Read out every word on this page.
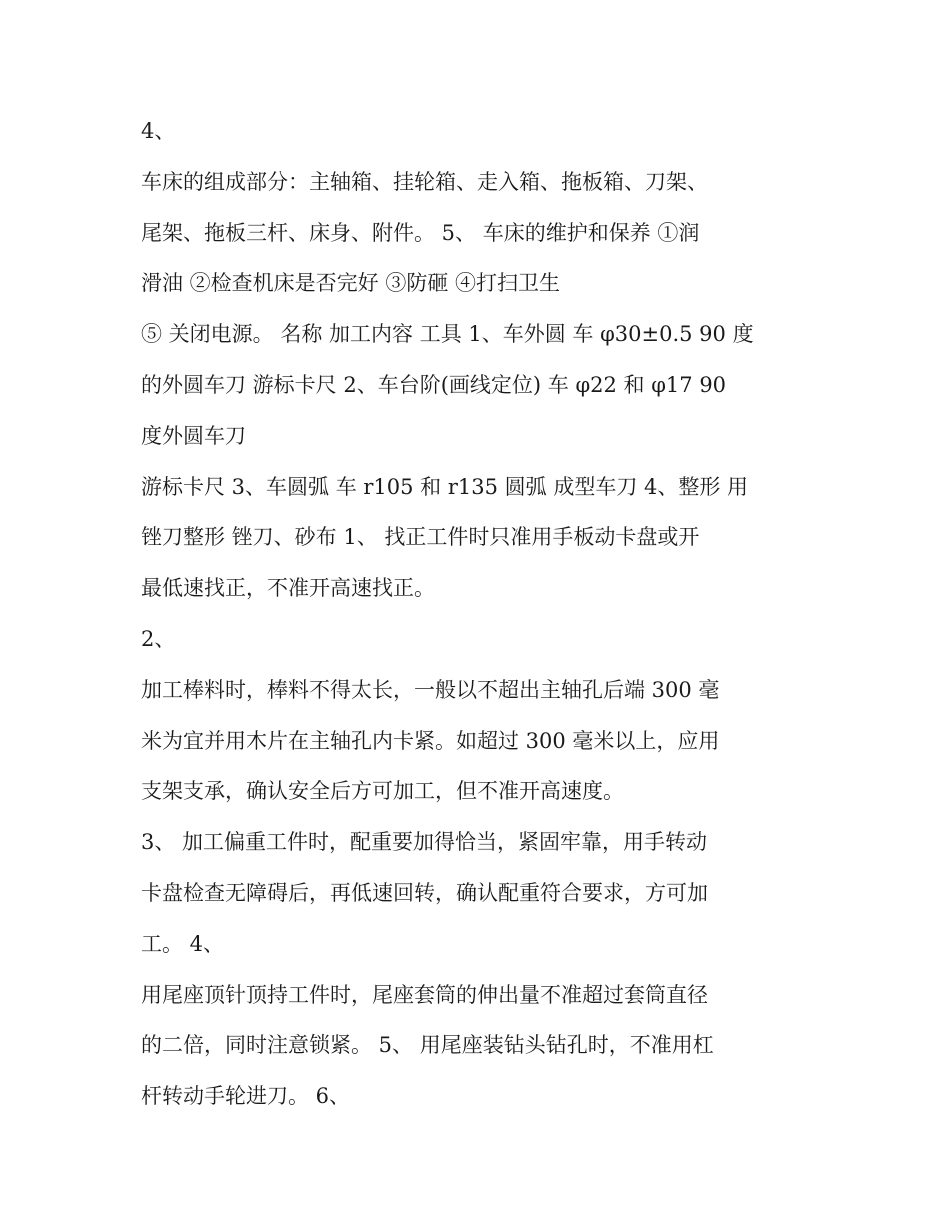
4、
车床的组成部分：主轴箱、挂轮箱、走入箱、拖板箱、刀架、
尾架、拖板三杆、床身、附件。 5、 车床的维护和保养 ①润
滑油 ②检查机床是否完好 ③防砸 ④打扫卫生
⑤ 关闭电源。 名称 加工内容 工具 1、车外圆 车 φ30±0.5 90 度
的外圆车刀 游标卡尺 2、车台阶(画线定位) 车 φ22 和 φ17 90
度外圆车刀
游标卡尺 3、车圆弧 车 r105 和 r135 圆弧 成型车刀 4、整形 用
锉刀整形 锉刀、砂布 1、 找正工件时只准用手板动卡盘或开
最低速找正，不准开高速找正。
2、
加工棒料时，棒料不得太长，一般以不超出主轴孔后端 300 毫
米为宜并用木片在主轴孔内卡紧。如超过 300 毫米以上，应用
支架支承，确认安全后方可加工，但不准开高速度。
3、 加工偏重工件时，配重要加得恰当，紧固牢靠，用手转动
卡盘检查无障碍后，再低速回转，确认配重符合要求，方可加
工。 4、
用尾座顶针顶持工件时，尾座套筒的伸出量不准超过套筒直径
的二倍，同时注意锁紧。 5、 用尾座装钻头钻孔时，不准用杠
杆转动手轮进刀。 6、
